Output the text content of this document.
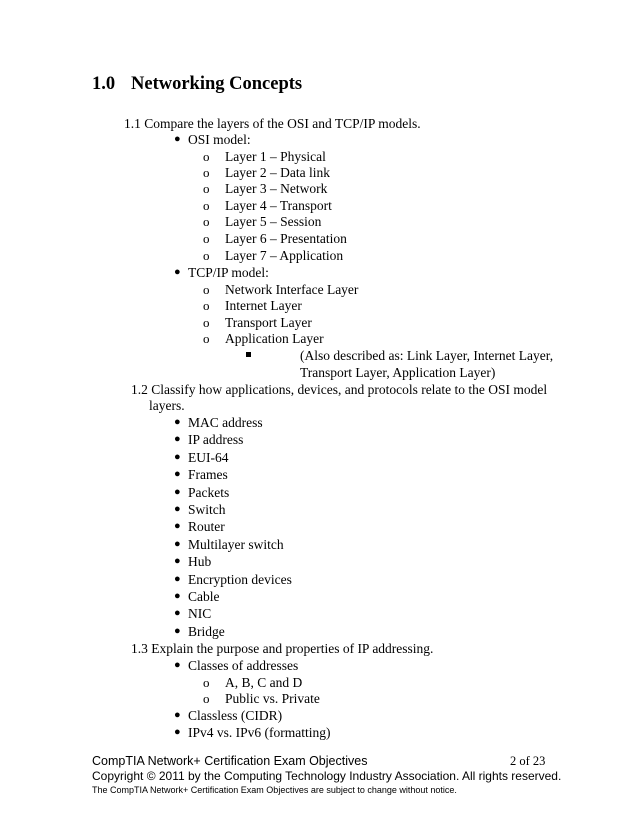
1.0 Networking Concepts
1.1 Compare the layers of the OSI and TCP/IP models.
● OSI model:
o Layer 1 – Physical
o Layer 2 – Data link
o Layer 3 – Network
o Layer 4 – Transport
o Layer 5 – Session
o Layer 6 – Presentation
o Layer 7 – Application
● TCP/IP model:
o Network Interface Layer
o Internet Layer
o Transport Layer
o Application Layer
(Also described as: Link Layer, Internet Layer,
Transport Layer, Application Layer)
1.2 Classify how applications, devices, and protocols relate to the OSI model
layers.
● MAC address
● IP address
● EUI-64
● Frames
● Packets
● Switch
● Router
● Multilayer switch
● Hub
● Encryption devices
● Cable
● NIC
● Bridge
1.3 Explain the purpose and properties of IP addressing.
● Classes of addresses
o A, B, C and D
o Public vs. Private
● Classless (CIDR)
● IPv4 vs. IPv6 (formatting)
CompTIA Network+ Certification Exam Objectives	2 of 23
Copyright © 2011 by the Computing Technology Industry Association. All rights reserved.
The CompTIA Network+ Certification Exam Objectives are subject to change without notice.
